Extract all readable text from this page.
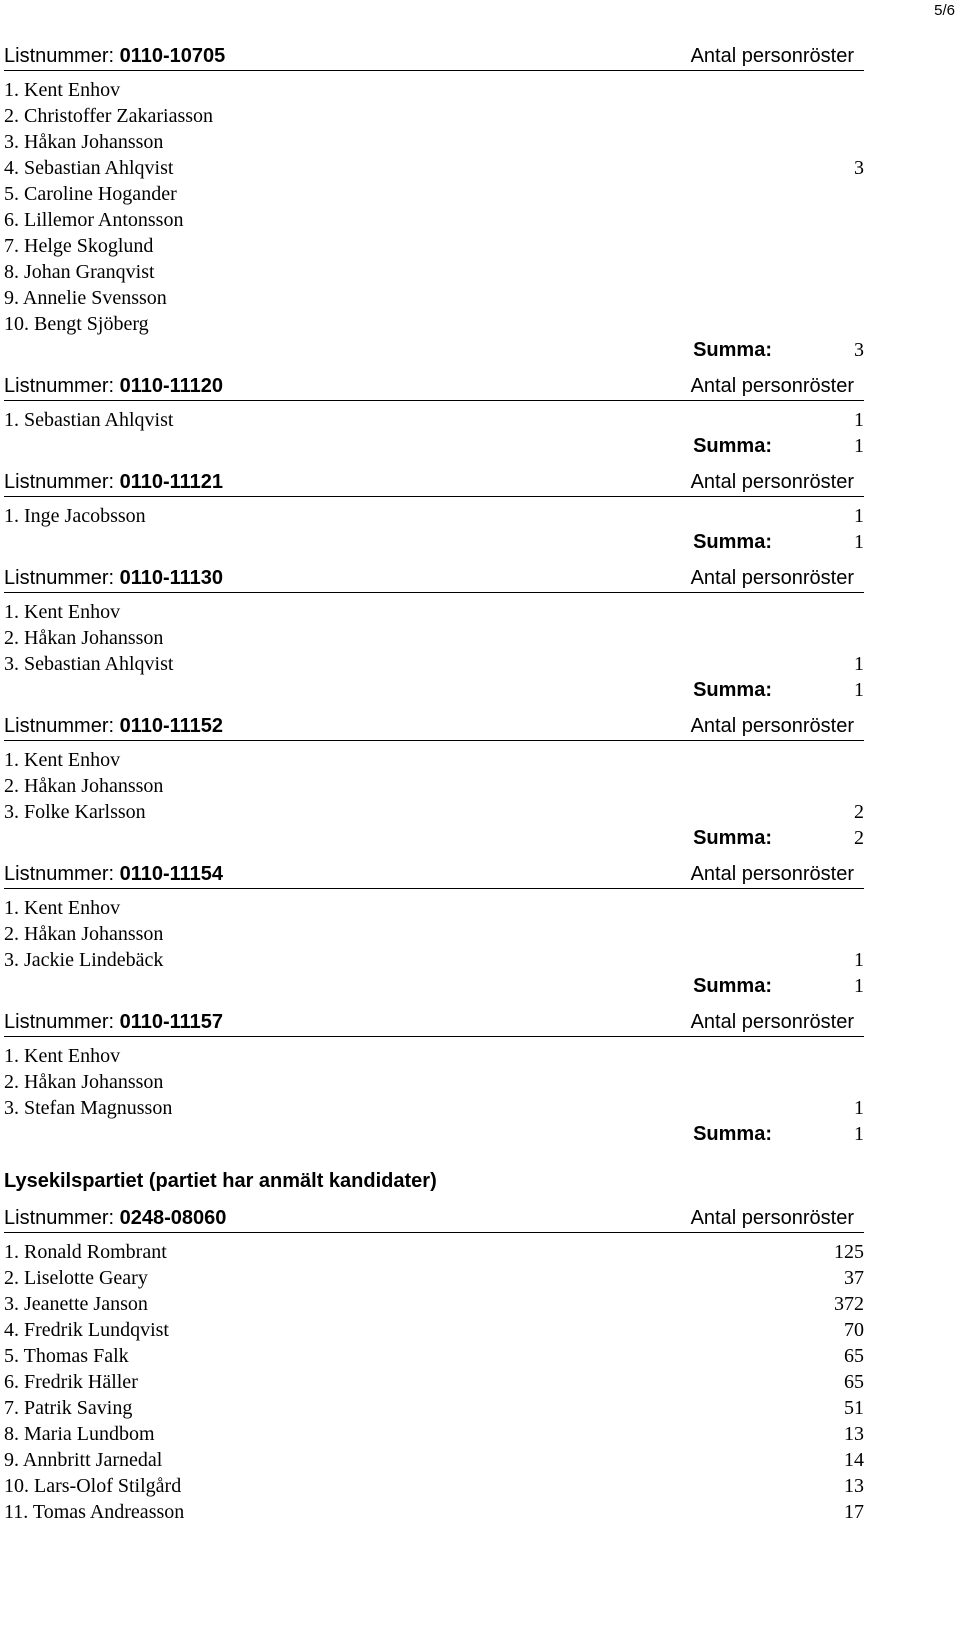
5/6
Listnummer: 0110-10705	Antal personröster
1. Kent Enhov
2. Christoffer Zakariasson
3. Håkan Johansson
4. Sebastian Ahlqvist	3
5. Caroline Hogander
6. Lillemor Antonsson
7. Helge Skoglund
8. Johan Granqvist
9. Annelie Svensson
10. Bengt Sjöberg
Summa:	3
Listnummer: 0110-11120	Antal personröster
1. Sebastian Ahlqvist	1
Summa:	1
Listnummer: 0110-11121	Antal personröster
1. Inge Jacobsson	1
Summa:	1
Listnummer: 0110-11130	Antal personröster
1. Kent Enhov
2. Håkan Johansson
3. Sebastian Ahlqvist	1
Summa:	1
Listnummer: 0110-11152	Antal personröster
1. Kent Enhov
2. Håkan Johansson
3. Folke Karlsson	2
Summa:	2
Listnummer: 0110-11154	Antal personröster
1. Kent Enhov
2. Håkan Johansson
3. Jackie Lindebäck	1
Summa:	1
Listnummer: 0110-11157	Antal personröster
1. Kent Enhov
2. Håkan Johansson
3. Stefan Magnusson	1
Summa:	1
Lysekilspartiet (partiet har anmält kandidater)
Listnummer: 0248-08060	Antal personröster
1. Ronald Rombrant	125
2. Liselotte Geary	37
3. Jeanette Janson	372
4. Fredrik Lundqvist	70
5. Thomas Falk	65
6. Fredrik Häller	65
7. Patrik Saving	51
8. Maria Lundbom	13
9. Annbritt Jarnedal	14
10. Lars-Olof Stilgård	13
11. Tomas Andreasson	17
